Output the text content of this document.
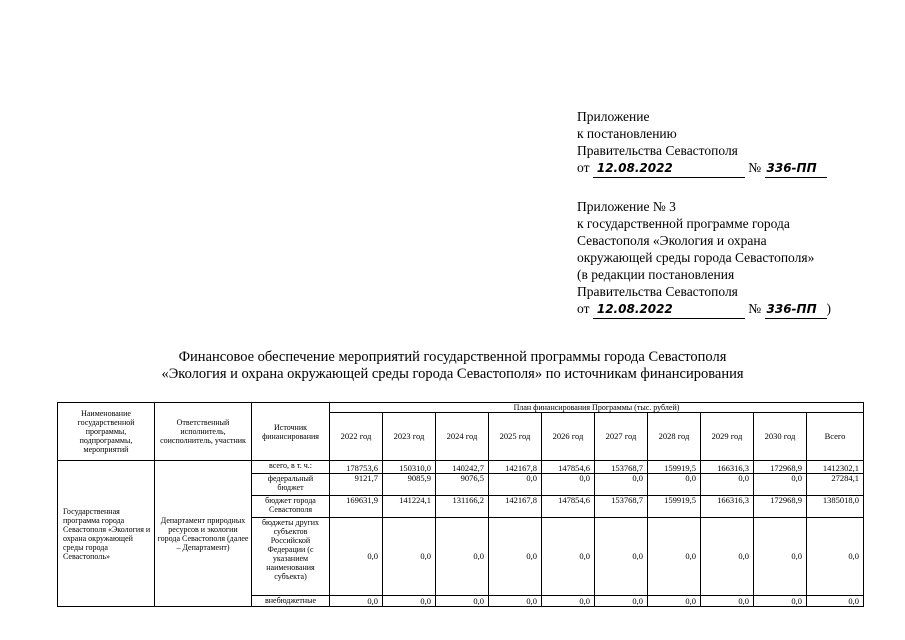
Приложение
к постановлению
Правительства Севастополя
от 12.08.2022	№ 336-ПП
Приложение № 3
к государственной программе города
Севастополя «Экология и охрана
окружающей среды города Севастополя»
(в редакции постановления
Правительства Севастополя
от 12.08.2022	№ 336-ПП )
Финансовое обеспечение мероприятий государственной программы города Севастополя
«Экология и охрана окружающей среды города Севастополя» по источникам финансирования
Наименование государственной программы, подпрограммы, мероприятий	Ответственный исполнитель, соисполнитель, участник	Источник финансирования	План финансирования Программы (тыс. рублей)									
			2022 год	2023 год	2024 год	2025 год	2026 год	2027 год	2028 год	2029 год	2030 год	Всего
Государственная программа города Севастополя «Экология и охрана окружающей среды города Севастополь»	Департамент природных ресурсов и экологии города Севастополя (далее – Департамент)	всего, в т. ч.:	178753,6	150310,0	140242,7	142167,8	147854,6	153768,7	159919,5	166316,3	172968,9	1412302,1
		федеральный бюджет	9121,7	9085,9	9076,5	0,0	0,0	0,0	0,0	0,0	0,0	27284,1
		бюджет города Севастополя	169631,9	141224,1	131166,2	142167,8	147854,6	153768,7	159919,5	166316,3	172968,9	1385018,0
		бюджеты других субъектов Российской Федерации (с указанием наименования субъекта)	0,0	0,0	0,0	0,0	0,0	0,0	0,0	0,0	0,0	0,0
		внебюджетные	0,0	0,0	0,0	0,0	0,0	0,0	0,0	0,0	0,0	0,0
